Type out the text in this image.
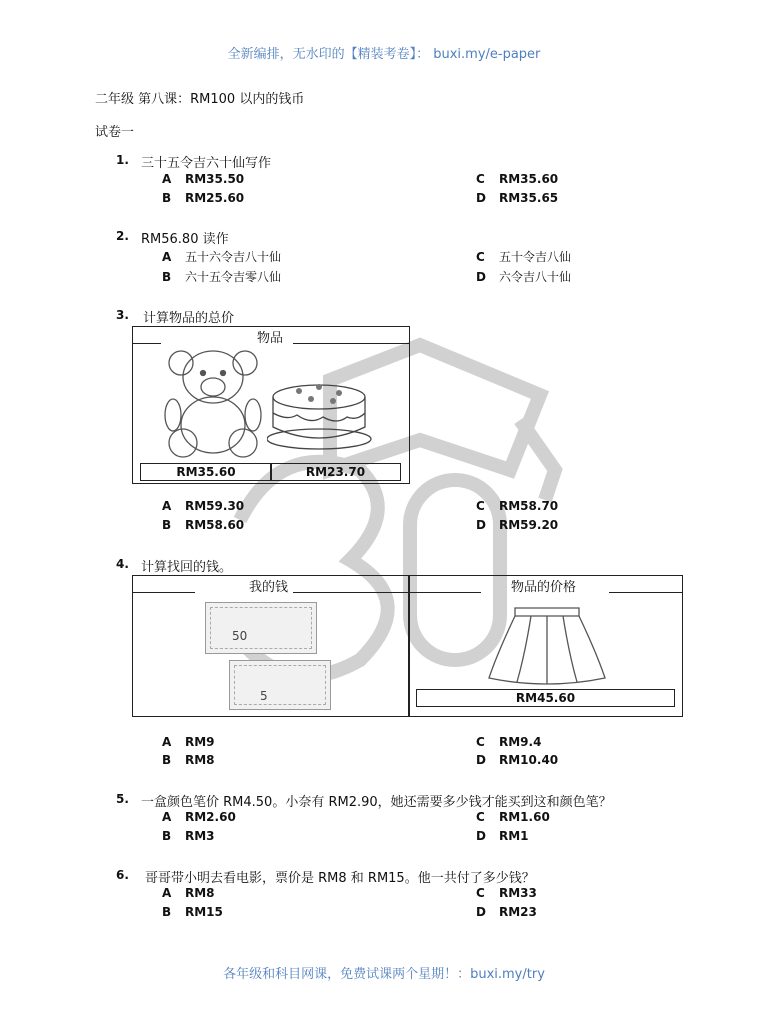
全新编排，无水印的【精装考卷】： buxi.my/e-paper
二年级 第八课：RM100 以内的钱币
试卷一
1. 三十五令吉六十仙写作
A RM35.50	C RM35.60
B RM25.60	D RM35.65
2. RM56.80 读作
A 五十六令吉八十仙	C 五十令吉八仙
B 六十五令吉零八仙	D 六令吉八十仙
3. 计算物品的总价
物品
RM35.60	RM23.70
A RM59.30	C RM58.70
B RM58.60	D RM59.20
4. 计算找回的钱。
我的钱
50
5
物品的价格
RM45.60
A RM9	C RM9.4
B RM8	D RM10.40
5. 一盒颜色笔价 RM4.50。小奈有 RM2.90，她还需要多少钱才能买到这和颜色笔？
A RM2.60	C RM1.60
B RM3	D RM1
6. 哥哥带小明去看电影，票价是 RM8 和 RM15。他一共付了多少钱？
A RM8	C RM33
B RM15	D RM23
各年级和科目网课，免费试课两个星期！：buxi.my/try
